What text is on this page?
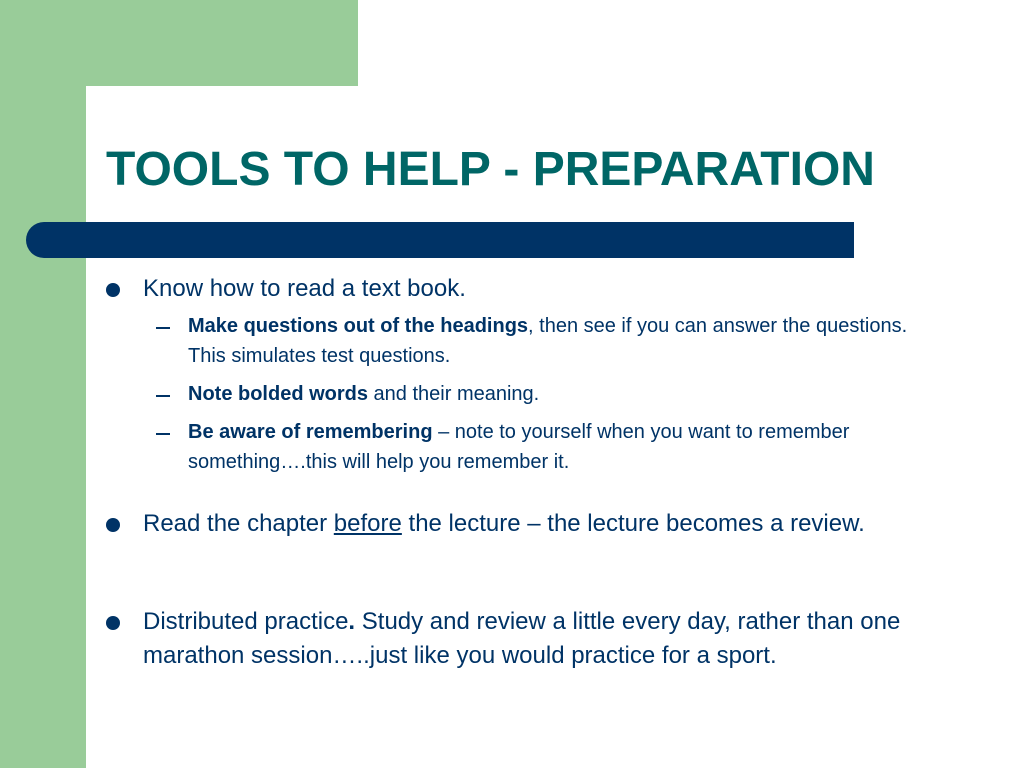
TOOLS TO HELP - PREPARATION
Know how to read a text book.
Make questions out of the headings, then see if you can answer the questions. This simulates test questions.
Note bolded words and their meaning.
Be aware of remembering – note to yourself when you want to remember something….this will help you remember it.
Read the chapter before the lecture – the lecture becomes a review.
Distributed practice. Study and review a little every day, rather than one marathon session…..just like you would practice for a sport.
